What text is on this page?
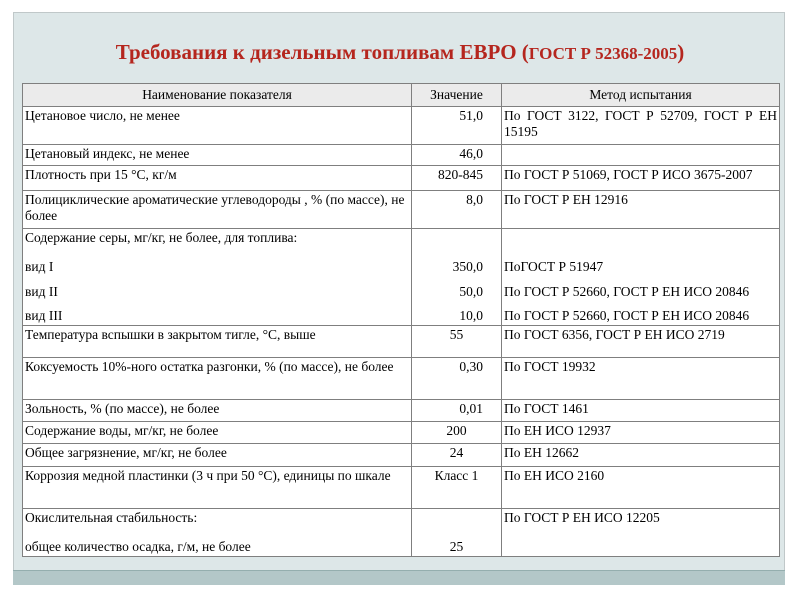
Требования к дизельным топливам ЕВРО (ГОСТ Р 52368-2005)
Наименование показателя	Значение	Метод испытания
Цетановое число, не менее	51,0	По ГОСТ 3122, ГОСТ Р 52709, ГОСТ Р ЕН 15195
Цетановый индекс, не менее	46,0	
Плотность при 15 °С, кг/м	820-845	По ГОСТ Р 51069, ГОСТ Р ИСО 3675-2007
Полициклические ароматические углеводороды , % (по массе), не более	8,0	По ГОСТ Р ЕН 12916
Содержание серы, мг/кг, не более, для топлива:		
вид I	350,0	ПоГОСТ Р 51947
вид II	50,0	По ГОСТ Р 52660, ГОСТ Р ЕН ИСО 20846
вид III	10,0	По ГОСТ Р 52660, ГОСТ Р ЕН ИСО 20846
Температура вспышки в закрытом тигле, °С, выше	55	По ГОСТ 6356, ГОСТ Р ЕН ИСО 2719
Коксуемость 10%-ного остатка разгонки, % (по массе), не более	0,30	По ГОСТ 19932
Зольность, % (по массе), не более	0,01	По ГОСТ 1461
Содержание воды, мг/кг, не более	200	По ЕН ИСО 12937
Общее загрязнение, мг/кг, не более	24	По ЕН 12662
Коррозия медной пластинки (3 ч при 50 °С), единицы по шкале	Класс 1	По ЕН ИСО 2160
Окислительная стабильность:		По ГОСТ Р ЕН ИСО 12205
общее количество осадка, г/м, не более	25	
